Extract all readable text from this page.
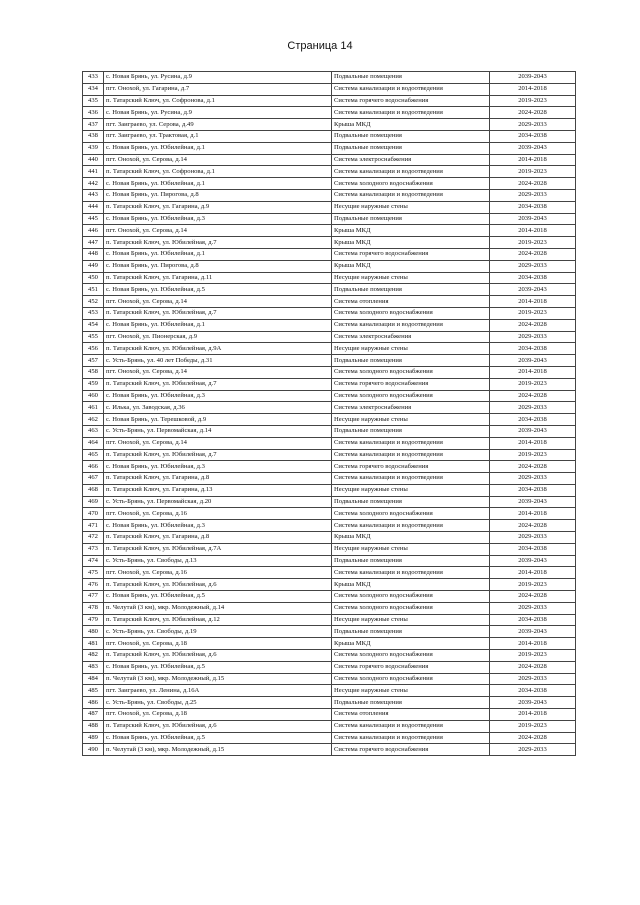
Страница 14
433	с. Новая Брянь, ул. Русина, д.9	Подвальные помещения	2039-2043
434	пгт. Онохой, ул. Гагарина, д.7	Система канализации и водоотведения	2014-2018
435	п. Татарский Ключ, ул. Софронова, д.1	Система горячего водоснабжения	2019-2023
436	с. Новая Брянь, ул. Русина, д.9	Система канализации и водоотведения	2024-2028
437	пгт. Заиграево, ул. Серова, д.49	Крыша МКД	2029-2033
438	пгт. Заиграево, ул. Трактовая, д.1	Подвальные помещения	2034-2038
439	с. Новая Брянь, ул. Юбилейная, д.1	Подвальные помещения	2039-2043
440	пгт. Онохой, ул. Серова, д.14	Система электроснабжения	2014-2018
441	п. Татарский Ключ, ул. Софронова, д.1	Система канализации и водоотведения	2019-2023
442	с. Новая Брянь, ул. Юбилейная, д.1	Система холодного водоснабжения	2024-2028
443	с. Новая Брянь, ул. Пирогова, д.8	Система канализации и водоотведения	2029-2033
444	п. Татарский Ключ, ул. Гагарина, д.9	Несущие наружные стены	2034-2038
445	с. Новая Брянь, ул. Юбилейная, д.3	Подвальные помещения	2039-2043
446	пгт. Онохой, ул. Серова, д.14	Крыша МКД	2014-2018
447	п. Татарский Ключ, ул. Юбилейная, д.7	Крыша МКД	2019-2023
448	с. Новая Брянь, ул. Юбилейная, д.1	Система горячего водоснабжения	2024-2028
449	с. Новая Брянь, ул. Пирогова, д.8	Крыша МКД	2029-2033
450	п. Татарский Ключ, ул. Гагарина, д.11	Несущие наружные стены	2034-2038
451	с. Новая Брянь, ул. Юбилейная, д.5	Подвальные помещения	2039-2043
452	пгт. Онохой, ул. Серова, д.14	Система отопления	2014-2018
453	п. Татарский Ключ, ул. Юбилейная, д.7	Система холодного водоснабжения	2019-2023
454	с. Новая Брянь, ул. Юбилейная, д.1	Система канализации и водоотведения	2024-2028
455	пгт. Онохой, ул. Пионерская, д.9	Система электроснабжения	2029-2033
456	п. Татарский Ключ, ул. Юбилейная, д.9А	Несущие наружные стены	2034-2038
457	с. Усть-Брянь, ул. 40 лет Победы, д.31	Подвальные помещения	2039-2043
458	пгт. Онохой, ул. Серова, д.14	Система холодного водоснабжения	2014-2018
459	п. Татарский Ключ, ул. Юбилейная, д.7	Система горячего водоснабжения	2019-2023
460	с. Новая Брянь, ул. Юбилейная, д.3	Система холодного водоснабжения	2024-2028
461	с. Илька, ул. Заводская, д.36	Система электроснабжения	2029-2033
462	с. Новая Брянь, ул. Терешковой, д.9	Несущие наружные стены	2034-2038
463	с. Усть-Брянь, ул. Первомайская, д.14	Подвальные помещения	2039-2043
464	пгт. Онохой, ул. Серова, д.14	Система канализации и водоотведения	2014-2018
465	п. Татарский Ключ, ул. Юбилейная, д.7	Система канализации и водоотведения	2019-2023
466	с. Новая Брянь, ул. Юбилейная, д.3	Система горячего водоснабжения	2024-2028
467	п. Татарский Ключ, ул. Гагарина, д.8	Система канализации и водоотведения	2029-2033
468	п. Татарский Ключ, ул. Гагарина, д.13	Несущие наружные стены	2034-2038
469	с. Усть-Брянь, ул. Первомайская, д.20	Подвальные помещения	2039-2043
470	пгт. Онохой, ул. Серова, д.16	Система холодного водоснабжения	2014-2018
471	с. Новая Брянь, ул. Юбилейная, д.3	Система канализации и водоотведения	2024-2028
472	п. Татарский Ключ, ул. Гагарина, д.8	Крыша МКД	2029-2033
473	п. Татарский Ключ, ул. Юбилейная, д.7А	Несущие наружные стены	2034-2038
474	с. Усть-Брянь, ул. Свободы, д.13	Подвальные помещения	2039-2043
475	пгт. Онохой, ул. Серова, д.16	Система канализации и водоотведения	2014-2018
476	п. Татарский Ключ, ул. Юбилейная, д.6	Крыша МКД	2019-2023
477	с. Новая Брянь, ул. Юбилейная, д.5	Система холодного водоснабжения	2024-2028
478	п. Челутай (3 км), мкр. Молодежный, д.14	Система холодного водоснабжения	2029-2033
479	п. Татарский Ключ, ул. Юбилейная, д.12	Несущие наружные стены	2034-2038
480	с. Усть-Брянь, ул. Свободы, д.19	Подвальные помещения	2039-2043
481	пгт. Онохой, ул. Серова, д.18	Крыша МКД	2014-2018
482	п. Татарский Ключ, ул. Юбилейная, д.6	Система холодного водоснабжения	2019-2023
483	с. Новая Брянь, ул. Юбилейная, д.5	Система горячего водоснабжения	2024-2028
484	п. Челутай (3 км), мкр. Молодежный, д.15	Система холодного водоснабжения	2029-2033
485	пгт. Заиграево, ул. Ленина, д.16А	Несущие наружные стены	2034-2038
486	с. Усть-Брянь, ул. Свободы, д.25	Подвальные помещения	2039-2043
487	пгт. Онохой, ул. Серова, д.18	Система отопления	2014-2018
488	п. Татарский Ключ, ул. Юбилейная, д.6	Система канализации и водоотведения	2019-2023
489	с. Новая Брянь, ул. Юбилейная, д.5	Система канализации и водоотведения	2024-2028
490	п. Челутай (3 км), мкр. Молодежный, д.15	Система горячего водоснабжения	2029-2033
